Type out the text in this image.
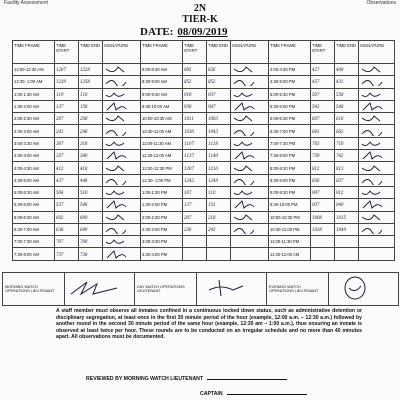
Facility Assessment	Observations
2N
TIER-K
DATE: 08/09/2019
TIME FRAME	TIME START	TIME END	SIGNATURE	TIME FRAME	TIME START	TIME END	SIGNATURE	TIME FRAME	TIME START	TIME END	SIGNATURE
12:00-12:30 AM	1207	1228		8:00-8:30 AM	805	826		4:00-4:30 PM	427	408	
12:30- 1:00 AM	1239	1258		8:30-9:00 AM	852	852		4:30-5:00 PM	457	431	
1:00-1:30 AM	119	110		9:00-9:30 AM	910	937		5:00-5:30 PM	507	558	
1:30-2:00 AM	137	158		9:30-10:00 AM	938	947		5:30-6:00 PM	543	548	
2:00-2:30 AM	207	208		10:00-10:30 AM	1011	1003		6:00-6:30 PM	607	618	
2:30-3:00 AM	241	248		10:30-11:00 AM	1036	1043		6:30-7:00 PM	641	662	
3:00-3:30 AM	307	318		11:00-11:30 AM	1107	1118		7:00-7:30 PM	703	718	
3:30-4:00 AM	337	340		11:30-12:00 AM	1137	1140		7:30-8:00 PM	739	742	
4:00-4:30 AM	412	418		12:00-12:30 PM	1207	1216		8:00-8:30 PM	812	813	
4:30-5:00 AM	437	448		12:30- 1:00 PM	1242	1249		8:30-9:00 PM	836	837	
5:00-5:30 AM	504	510		1:00-1:30 PM	107	110		9:00-9:30 PM	907	912	
5:30-6:00 AM	537	548		1:30-2:00 PM	137	151		9:30-10:00 PM	937	940	
6:00-6:30 AM	602	609		2:00-2:30 PM	207	218		10:00-10:30 PM	1008	1015	
6:30-7:00 AM	638	649		2:30-3:00 PM	236	243		10:30-11:00 PM	1038	1049	
7:00-7:30 AM	707	708		3:00-3:30 PM				11:00-11:30 PM			
7:30-8:00 AM	737	738		3:30-4:00 PM				11:30-12:00 AM			
MORNING WATCH OPERATIONS LIEUTENANT		DAY WATCH OPERATIONS LIEUTENANT		EVENING WATCH OPERATIONS LIEUTENANT	
A staff member must observe all inmates confined in a continuous locked down status, such as administrative detention or disciplinary segregation, at least once in the first 30 minute period of the hour (example, 12:00 a.m. – 12:30 a.m.) followed by another round in the second 30 minute period of the same hour (example, 12:30 am – 1:00 a.m.), thus ensuring an inmate is observed at least twice per hour. These rounds are to be conducted on an irregular schedule and no more than 40 minutes apart. All observations must be documented.
REVIEWED BY MORNING WATCH LIEUTENANT
CAPTAIN
